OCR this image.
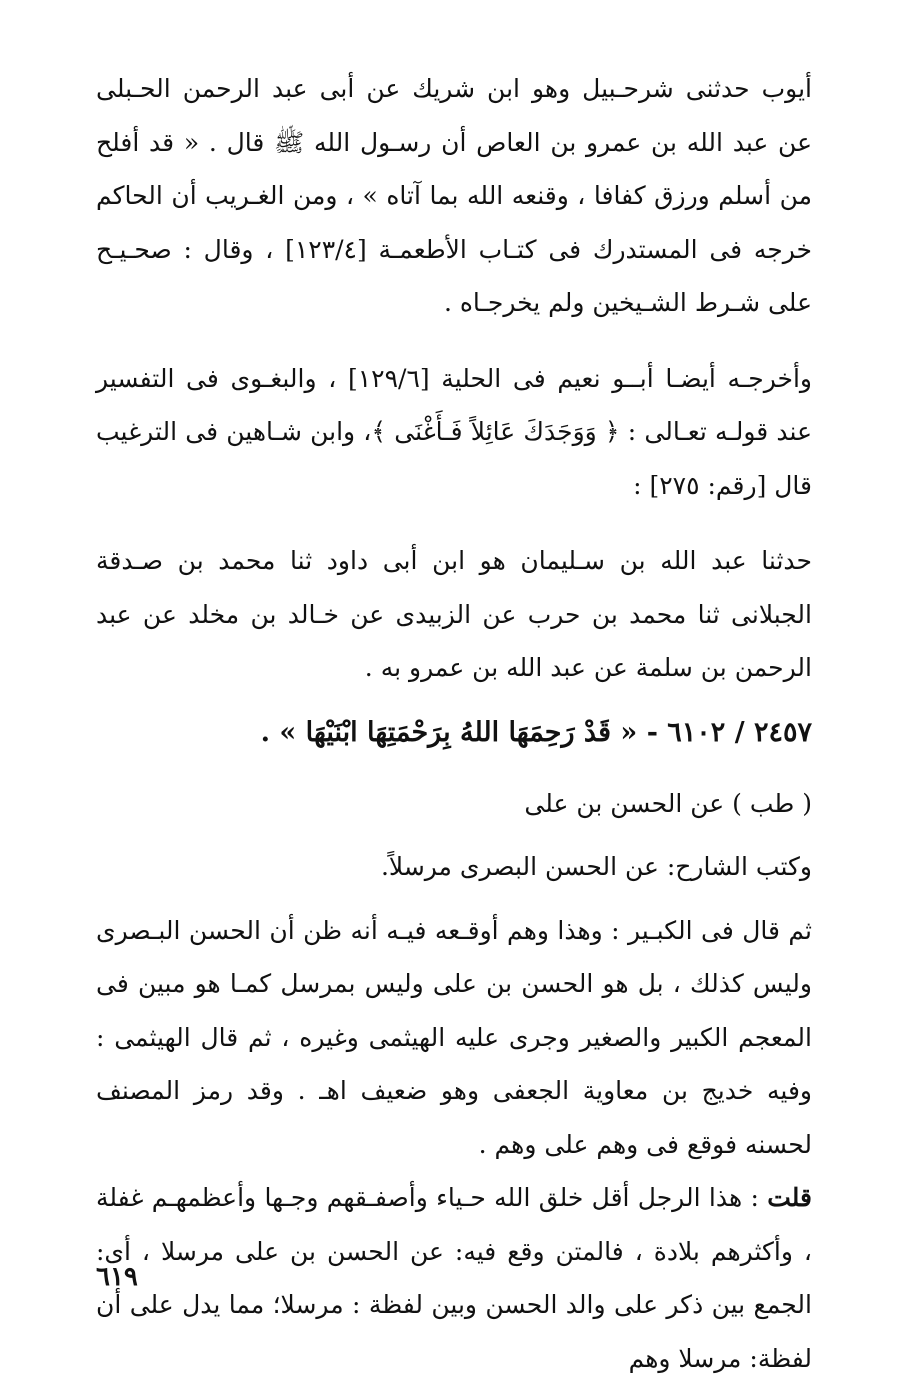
أيوب حدثنى شرحـبيل وهو ابن شريك عن أبى عبد الرحمن الحـبلى عن عبد الله بن عمرو بن العاص أن رسـول الله ﷺ قال . « قد أفلح من أسلم ورزق كفافا ، وقنعه الله بما آتاه » ، ومن الغـريب أن الحاكم خرجه فى المستدرك فى كتـاب الأطعمـة [١٢٣/٤] ، وقال : صحـيـح على شـرط الشـيخين ولم يخرجـاه .

وأخرجـه أيضـا أبــو نعيم فى الحلية [١٢٩/٦] ، والبغـوى فى التفسير عند قولـه تعـالى : ﴿ وَوَجَدَكَ عَائِلاً فَـأَغْنَى ﴾، وابن شـاهين فى الترغيب قال [رقم: ٢٧٥] :

حدثنا عبد الله بن سـليمان هو ابن أبى داود ثنا محمد بن صـدقة الجبلانى ثنا محمد بن حرب عن الزبيدى عن خـالد بن مخلد عن عبد الرحمن بن سلمة عن عبد الله بن عمرو به .

٢٤٥٧ / ٦١٠٢ - « قَدْ رَحِمَهَا اللهُ بِرَحْمَتِهَا ابْنَيْهَا » .

( طب ) عن الحسن بن على

وكتب الشارح: عن الحسن البصرى مرسلاً.

ثم قال فى الكبـير : وهذا وهم أوقـعه فيـه أنه ظن أن الحسن البـصرى وليس كذلك ، بل هو الحسن بن على وليس بمرسل كمـا هو مبين فى المعجم الكبير والصغير وجرى عليه الهيثمى وغيره ، ثم قال الهيثمى : وفيه خديج بن معاوية الجعفى وهو ضعيف اهـ . وقد رمز المصنف لحسنه فوقع فى وهم على وهم .

قلت : هذا الرجل أقل خلق الله حـياء وأصفـقهم وجـها وأعظمهـم غفلة ، وأكثرهم بلادة ، فالمتن وقع فيه: عن الحسن بن على مرسلا ، أى: الجمع بين ذكر على والد الحسن وبين لفظة : مرسلا؛ مما يدل على أن لفظة: مرسلا وهم

٦١٩
